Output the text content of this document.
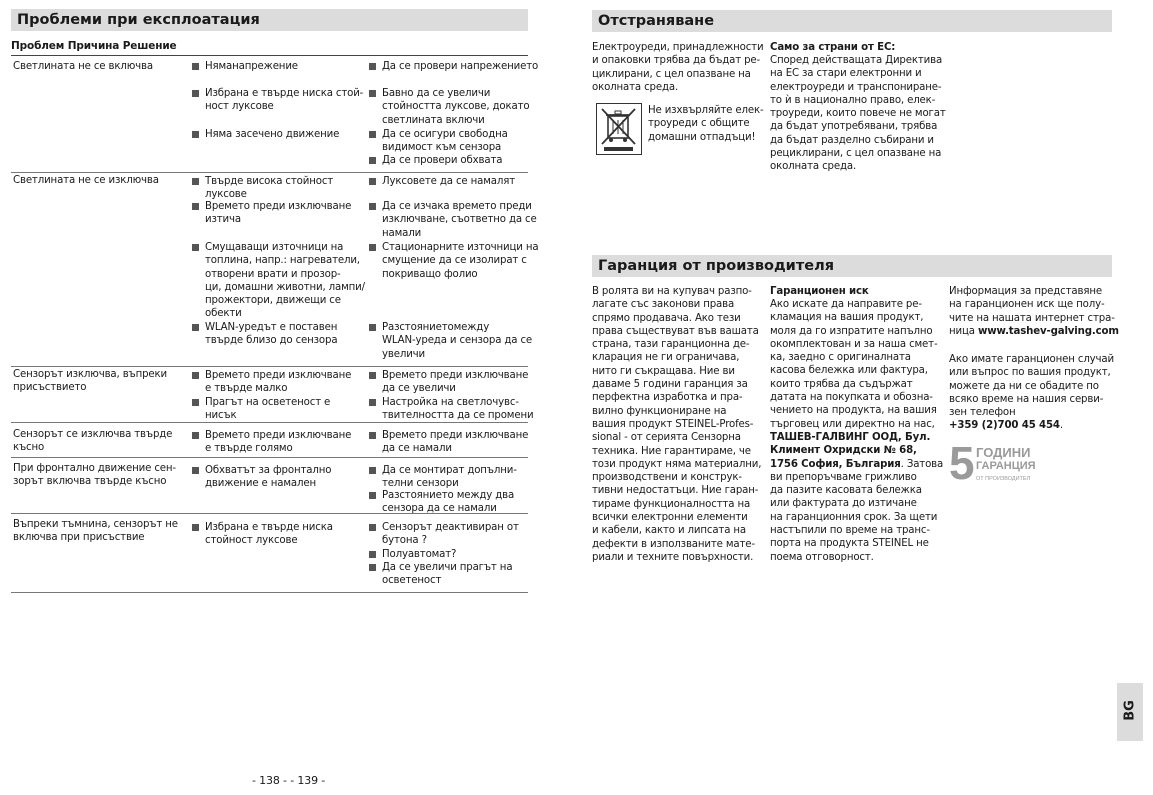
Проблеми при експлоатация
Проблем Причина Решение
Светлината не се включва	Няманапрежение
Избрана е твърде ниска стой-
ност луксове
Няма засечено движение
Да се провери напрежението
Бавно да се увеличи
стойността луксове, докато
светлината включи
Да се осигури свободна
видимост към сензора
Да се провери обхвата
Светлината не се изключва	Твърде висока стойност
луксове
Времето преди изключване
изтича
Смущаващи източници на
топлина, напр.: нагреватели,
отворени врати и прозор-
ци, домашни животни, лампи/
прожектори, движещи се
обекти
WLAN-уредът е поставен
твърде близо до сензора
Луксовете да се намалят
Да се изчака времето преди
изключване, съответно да се
намали
Стационарните източници на
смущение да се изолират с
покриващо фолио
Разстояниетомежду
WLAN-уреда и сензора да се
увеличи
Сензорът изключва, въпреки
присъствието
Времето преди изключване
е твърде малко
Прагът на осветеност е
нисък
Времето преди изключване
да се увеличи
Настройка на светлочувс-
твителността да се промени
Сензорът се изключва твърде
късно
Времето преди изключване
е твърде голямо
Времето преди изключване
да се намали
При фронтално движение сен-
зорът включва твърде късно
Обхватът за фронтално
движение е намален
Да се монтират допълни-
телни сензори
Разстоянието между два
сензора да се намали
Въпреки тъмнина, сензорът не
включва при присъствие
Избрана е твърде ниска
стойност луксове
Сензорът деактивиран от
бутона ?
Полуавтомат?
Да се увеличи прагът на
осветеност
- 138 - - 139 -
Отстраняване
Електроуреди, принадлежности
и опаковки трябва да бъдат ре-
циклирани, с цел опазване на
околната среда.
Не изхвърляйте елек-
троуреди с общите
домашни отпадъци!
Само за страни от ЕС:
Според действащата Директива
на ЕС за стари електронни и
електроуреди и транспониране-
то ѝ в национално право, елек-
троуреди, които повече не могат
да бъдат употребявани, трябва
да бъдат разделно събирани и
рециклирани, с цел опазване на
околната среда.
Гаранция от производителя
В ролята ви на купувач разпо-
лагате със законови права
спрямо продавача. Ако тези
права съществуват във вашата
страна, тази гаранционна де-
кларация не ги ограничава,
нито ги съкращава. Ние ви
даваме 5 години гаранция за
перфектна изработка и пра-
вилно функциониране на
вашия продукт STEINEL-Profes-
sional - от серията Сензорна
техника. Ние гарантираме, че
този продукт няма материални,
производствени и конструк-
тивни недостатъци. Ние гаран-
тираме функционалността на
всички електронни елементи
и кабели, както и липсата на
дефекти в използваните мате-
риали и техните повърхности.
Гаранционен иск
Ако искате да направите ре-
кламация на вашия продукт,
моля да го изпратите напълно
окомплектован и за наша смет-
ка, заедно с оригиналната
касова бележка или фактура,
които трябва да съдържат
датата на покупката и обозна-
чението на продукта, на вашия
търговец или директно на нас,
ТАШЕВ-ГАЛВИНГ ООД, Бул.
Климент Охридски № 68,
1756 София, България. Затова
ви препоръчваме грижливо
да пазите касовата бележка
или фактурата до изтичане
на гаранционния срок. За щети
настъпили по време на транс-
порта на продукта STEINEL не
поема отговорност.
Информация за представяне
на гаранционен иск ще полу-
чите на нашата интернет стра-
ница www.tashev-galving.com
Ако имате гаранционен случай
или въпрос по вашия продукт,
можете да ни се обадите по
всяко време на нашия серви-
зен телефон
+359 (2)700 45 454.
5 ГОДИНИ
ГАРАНЦИЯ
ОТ ПРОИЗВОДИТЕЛ
BG
